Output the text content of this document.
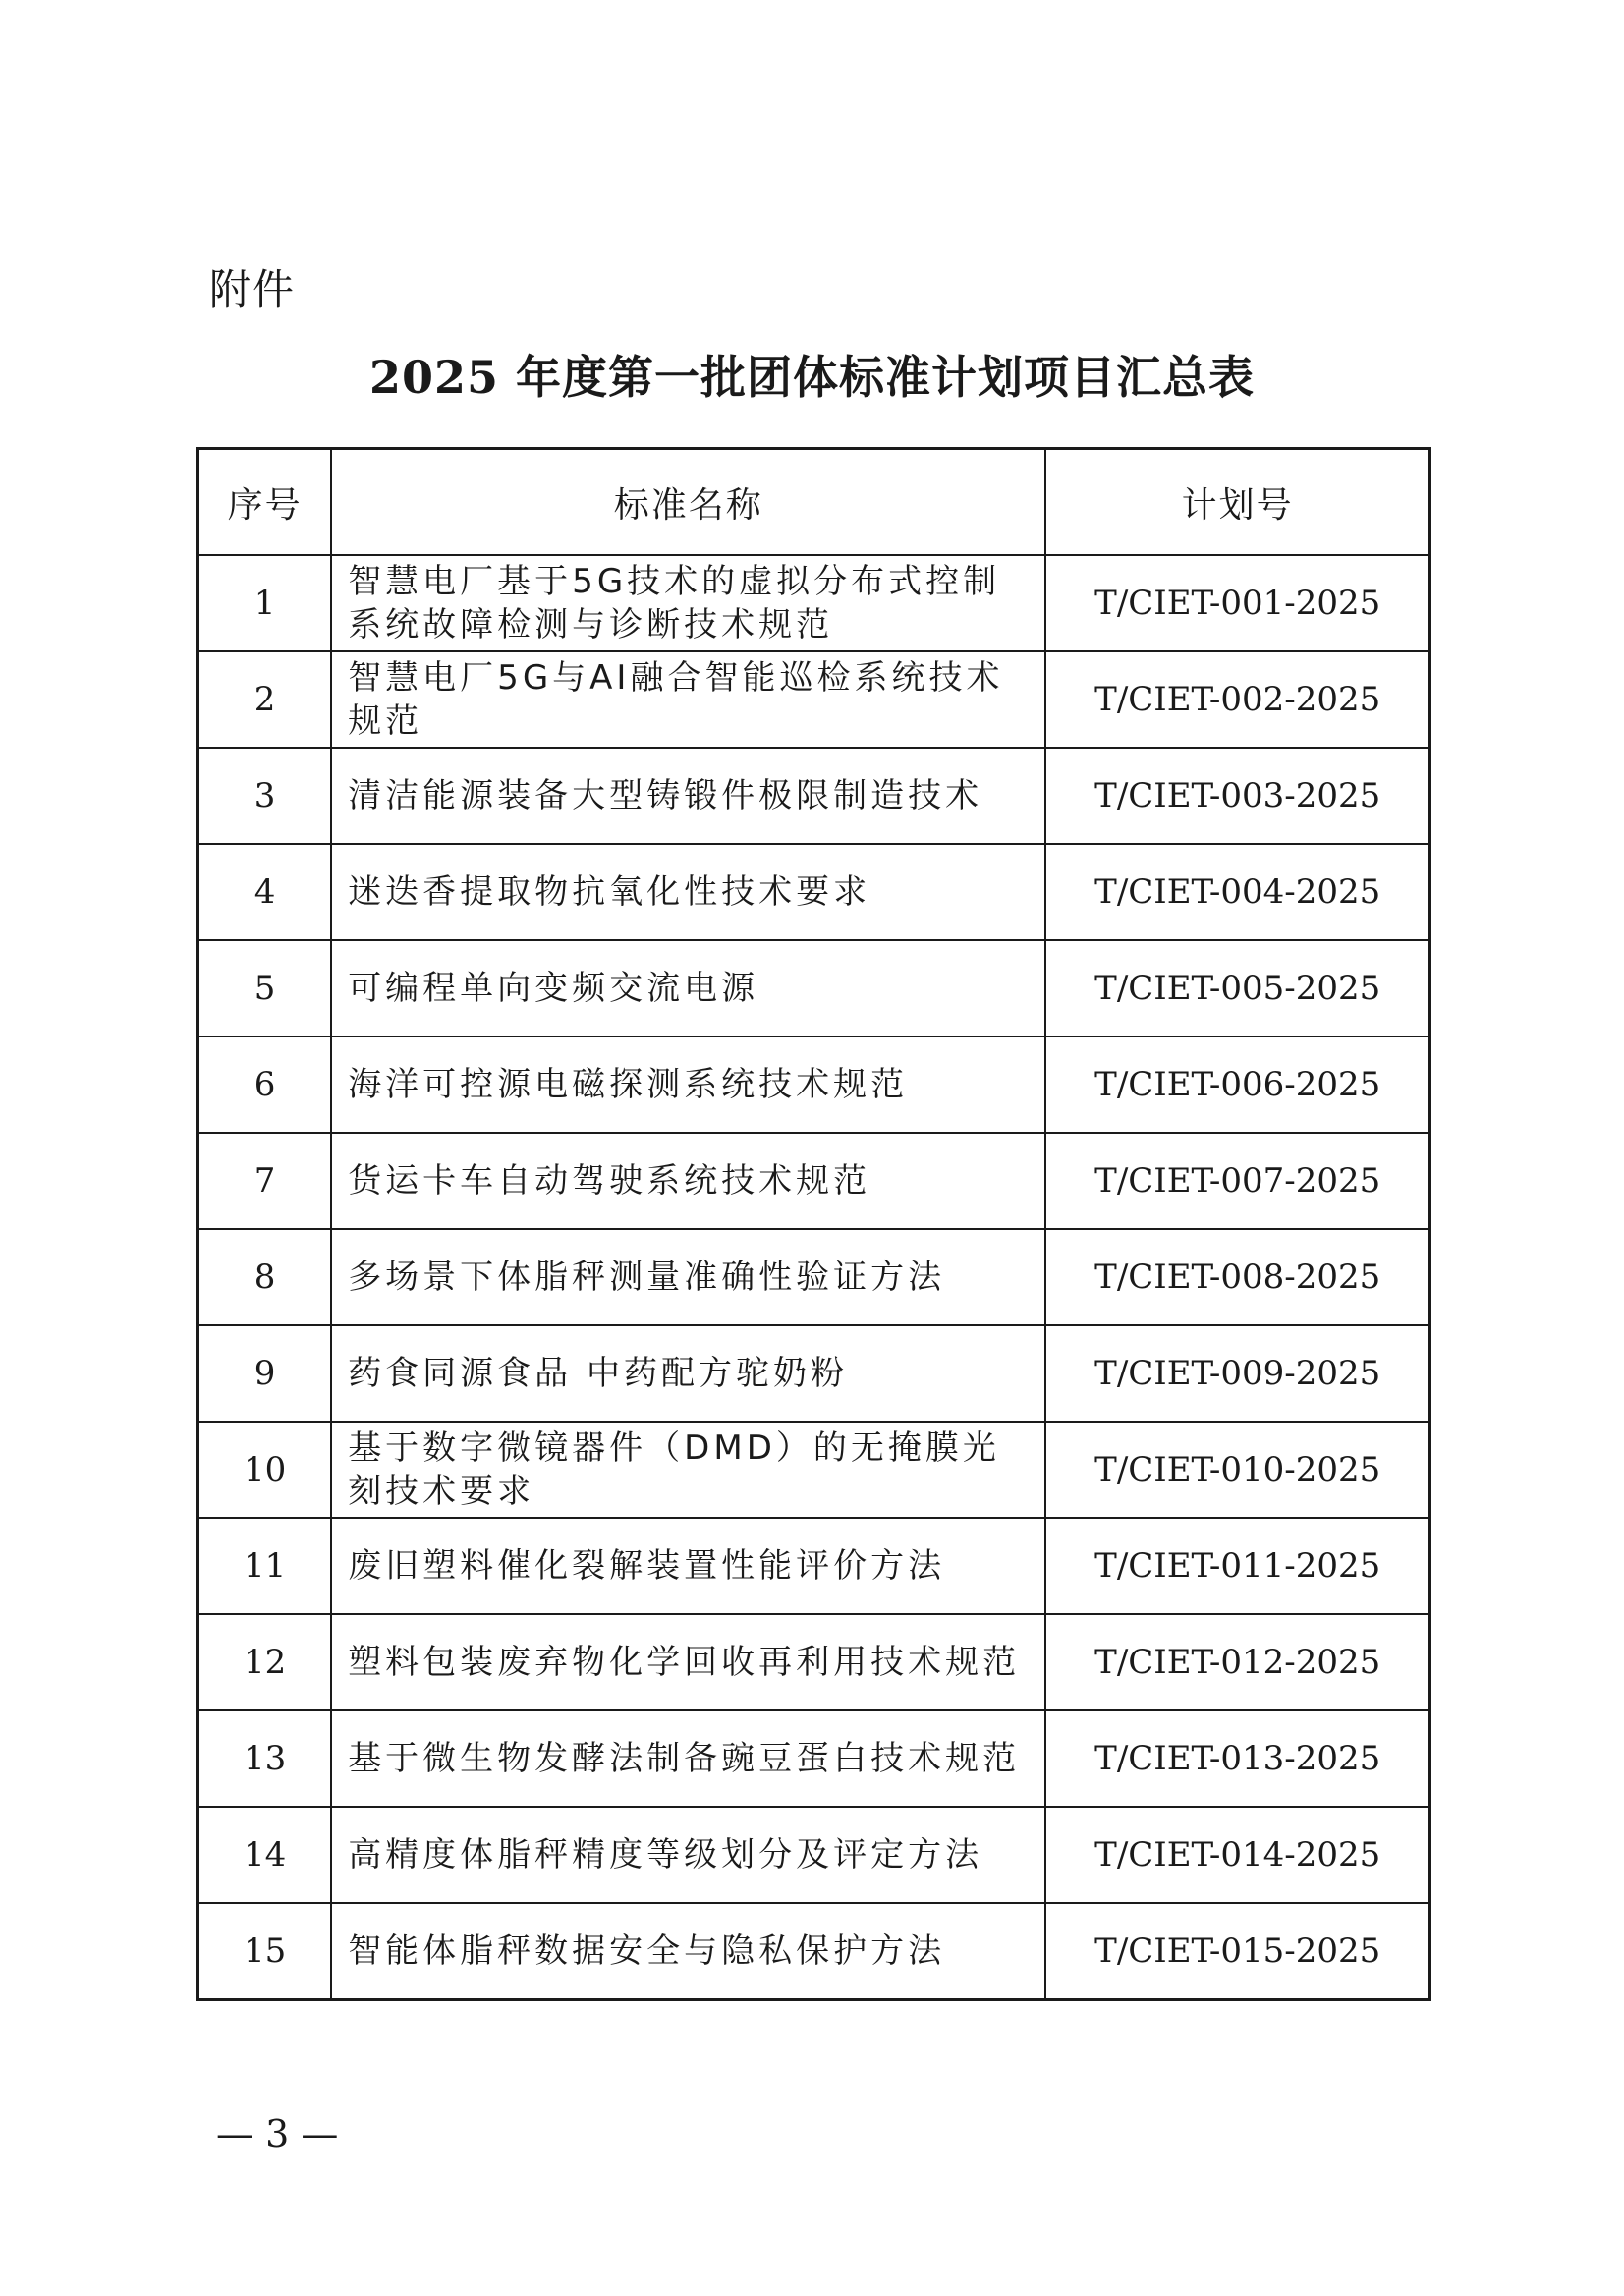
附件
2025 年度第一批团体标准计划项目汇总表
序号	标准名称	计划号
1	智慧电厂基于5G技术的虚拟分布式控制系统故障检测与诊断技术规范	T/CIET-001-2025
2	智慧电厂5G与AI融合智能巡检系统技术规范	T/CIET-002-2025
3	清洁能源装备大型铸锻件极限制造技术	T/CIET-003-2025
4	迷迭香提取物抗氧化性技术要求	T/CIET-004-2025
5	可编程单向变频交流电源	T/CIET-005-2025
6	海洋可控源电磁探测系统技术规范	T/CIET-006-2025
7	货运卡车自动驾驶系统技术规范	T/CIET-007-2025
8	多场景下体脂秤测量准确性验证方法	T/CIET-008-2025
9	药食同源食品 中药配方驼奶粉	T/CIET-009-2025
10	基于数字微镜器件（DMD）的无掩膜光刻技术要求	T/CIET-010-2025
11	废旧塑料催化裂解装置性能评价方法	T/CIET-011-2025
12	塑料包装废弃物化学回收再利用技术规范	T/CIET-012-2025
13	基于微生物发酵法制备豌豆蛋白技术规范	T/CIET-013-2025
14	高精度体脂秤精度等级划分及评定方法	T/CIET-014-2025
15	智能体脂秤数据安全与隐私保护方法	T/CIET-015-2025
— 3 —
